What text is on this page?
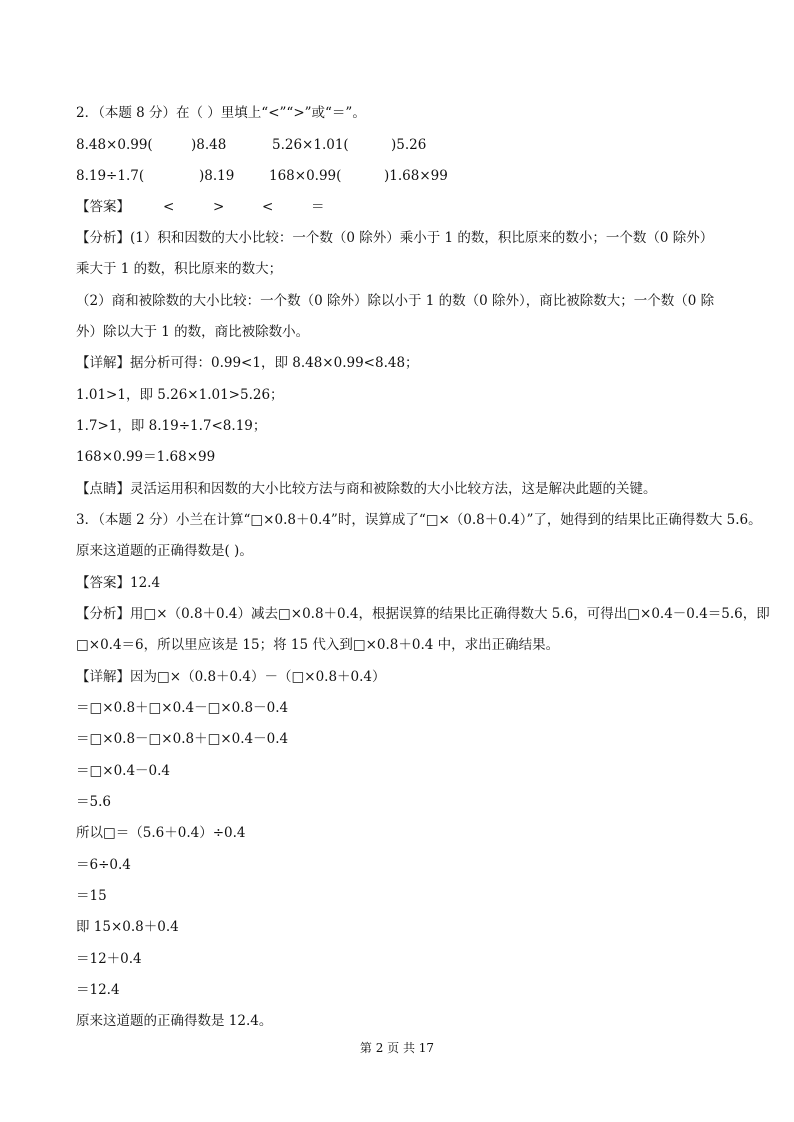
2．（本题 8 分）在（ ）里填上“<”“>”或“＝”。
8.48×0.99(	)8.48	5.26×1.01(	)5.26
8.19÷1.7(	)8.19	168×0.99(	)1.68×99
【答案】 <	>	<	＝
【分析】(1）积和因数的大小比较：一个数（0 除外）乘小于 1 的数，积比原来的数小；一个数（0 除外）
乘大于 1 的数，积比原来的数大；
（2）商和被除数的大小比较：一个数（0 除外）除以小于 1 的数（0 除外），商比被除数大；一个数（0 除
外）除以大于 1 的数，商比被除数小。
【详解】据分析可得：0.99<1，即 8.48×0.99<8.48；
1.01>1，即 5.26×1.01>5.26；
1.7>1，即 8.19÷1.7<8.19；
168×0.99＝1.68×99
【点睛】灵活运用积和因数的大小比较方法与商和被除数的大小比较方法，这是解决此题的关键。
3．（本题 2 分）小兰在计算“□×0.8＋0.4”时，误算成了“□×（0.8＋0.4）”了，她得到的结果比正确得数大 5.6。
原来这道题的正确得数是( )。
【答案】12.4
【分析】用□×（0.8＋0.4）减去□×0.8＋0.4，根据误算的结果比正确得数大 5.6，可得出□×0.4－0.4＝5.6，即
□×0.4＝6，所以里应该是 15；将 15 代入到□×0.8＋0.4 中，求出正确结果。
【详解】因为□×（0.8＋0.4）－（□×0.8＋0.4）
＝□×0.8＋□×0.4－□×0.8－0.4
＝□×0.8－□×0.8＋□×0.4－0.4
＝□×0.4－0.4
＝5.6
所以□＝（5.6＋0.4）÷0.4
＝6÷0.4
＝15
即 15×0.8＋0.4
＝12＋0.4
＝12.4
原来这道题的正确得数是 12.4。
第 2 页 共 17
